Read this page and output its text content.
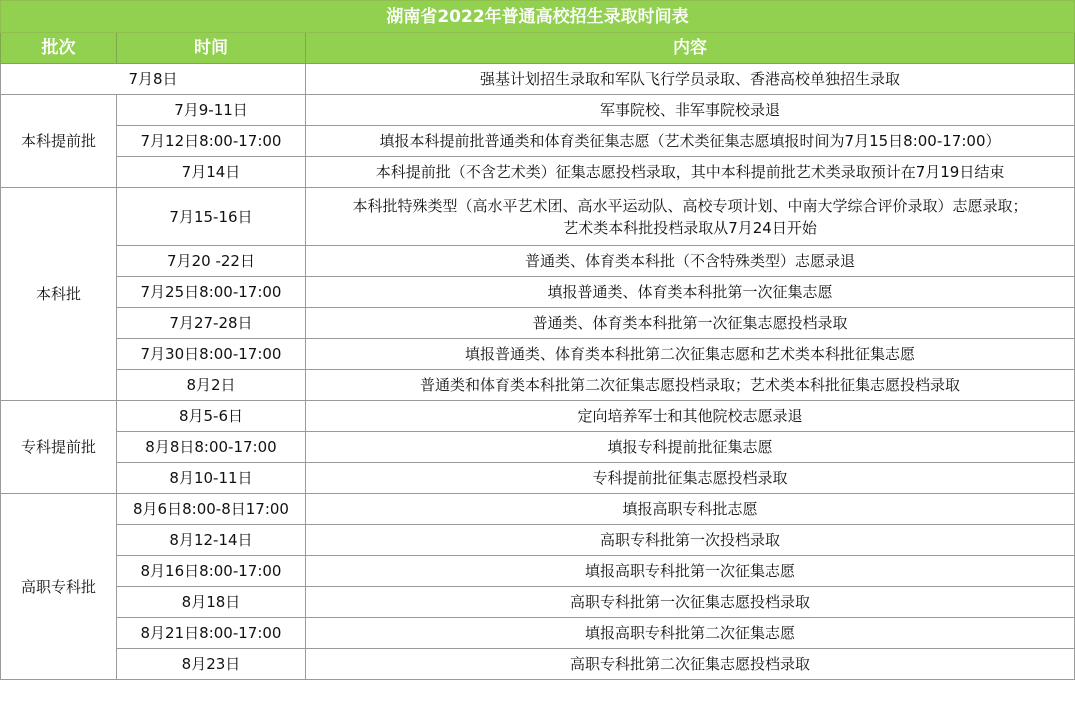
湖南省2022年普通高校招生录取时间表		
批次	时间	内容
7月8日		强基计划招生录取和军队飞行学员录取、香港高校单独招生录取
本科提前批	7月9-11日	军事院校、非军事院校录退
	7月12日8:00-17:00	填报本科提前批普通类和体育类征集志愿（艺术类征集志愿填报时间为7月15日8:00-17:00）
	7月14日	本科提前批（不含艺术类）征集志愿投档录取，其中本科提前批艺术类录取预计在7月19日结束
本科批	7月15-16日	本科批特殊类型（高水平艺术团、高水平运动队、高校专项计划、中南大学综合评价录取）志愿录取；
艺术类本科批投档录取从7月24日开始

	7月20 -22日	普通类、体育类本科批（不含特殊类型）志愿录退
	7月25日8:00-17:00	填报普通类、体育类本科批第一次征集志愿
	7月27-28日	普通类、体育类本科批第一次征集志愿投档录取
	7月30日8:00-17:00	填报普通类、体育类本科批第二次征集志愿和艺术类本科批征集志愿
	8月2日	普通类和体育类本科批第二次征集志愿投档录取；艺术类本科批征集志愿投档录取
专科提前批	8月5-6日	定向培养军士和其他院校志愿录退
	8月8日8:00-17:00	填报专科提前批征集志愿
	8月10-11日	专科提前批征集志愿投档录取
高职专科批	8月6日8:00-8日17:00	填报高职专科批志愿
	8月12-14日	高职专科批第一次投档录取
	8月16日8:00-17:00	填报高职专科批第一次征集志愿
	8月18日	高职专科批第一次征集志愿投档录取
	8月21日8:00-17:00	填报高职专科批第二次征集志愿
	8月23日	高职专科批第二次征集志愿投档录取
